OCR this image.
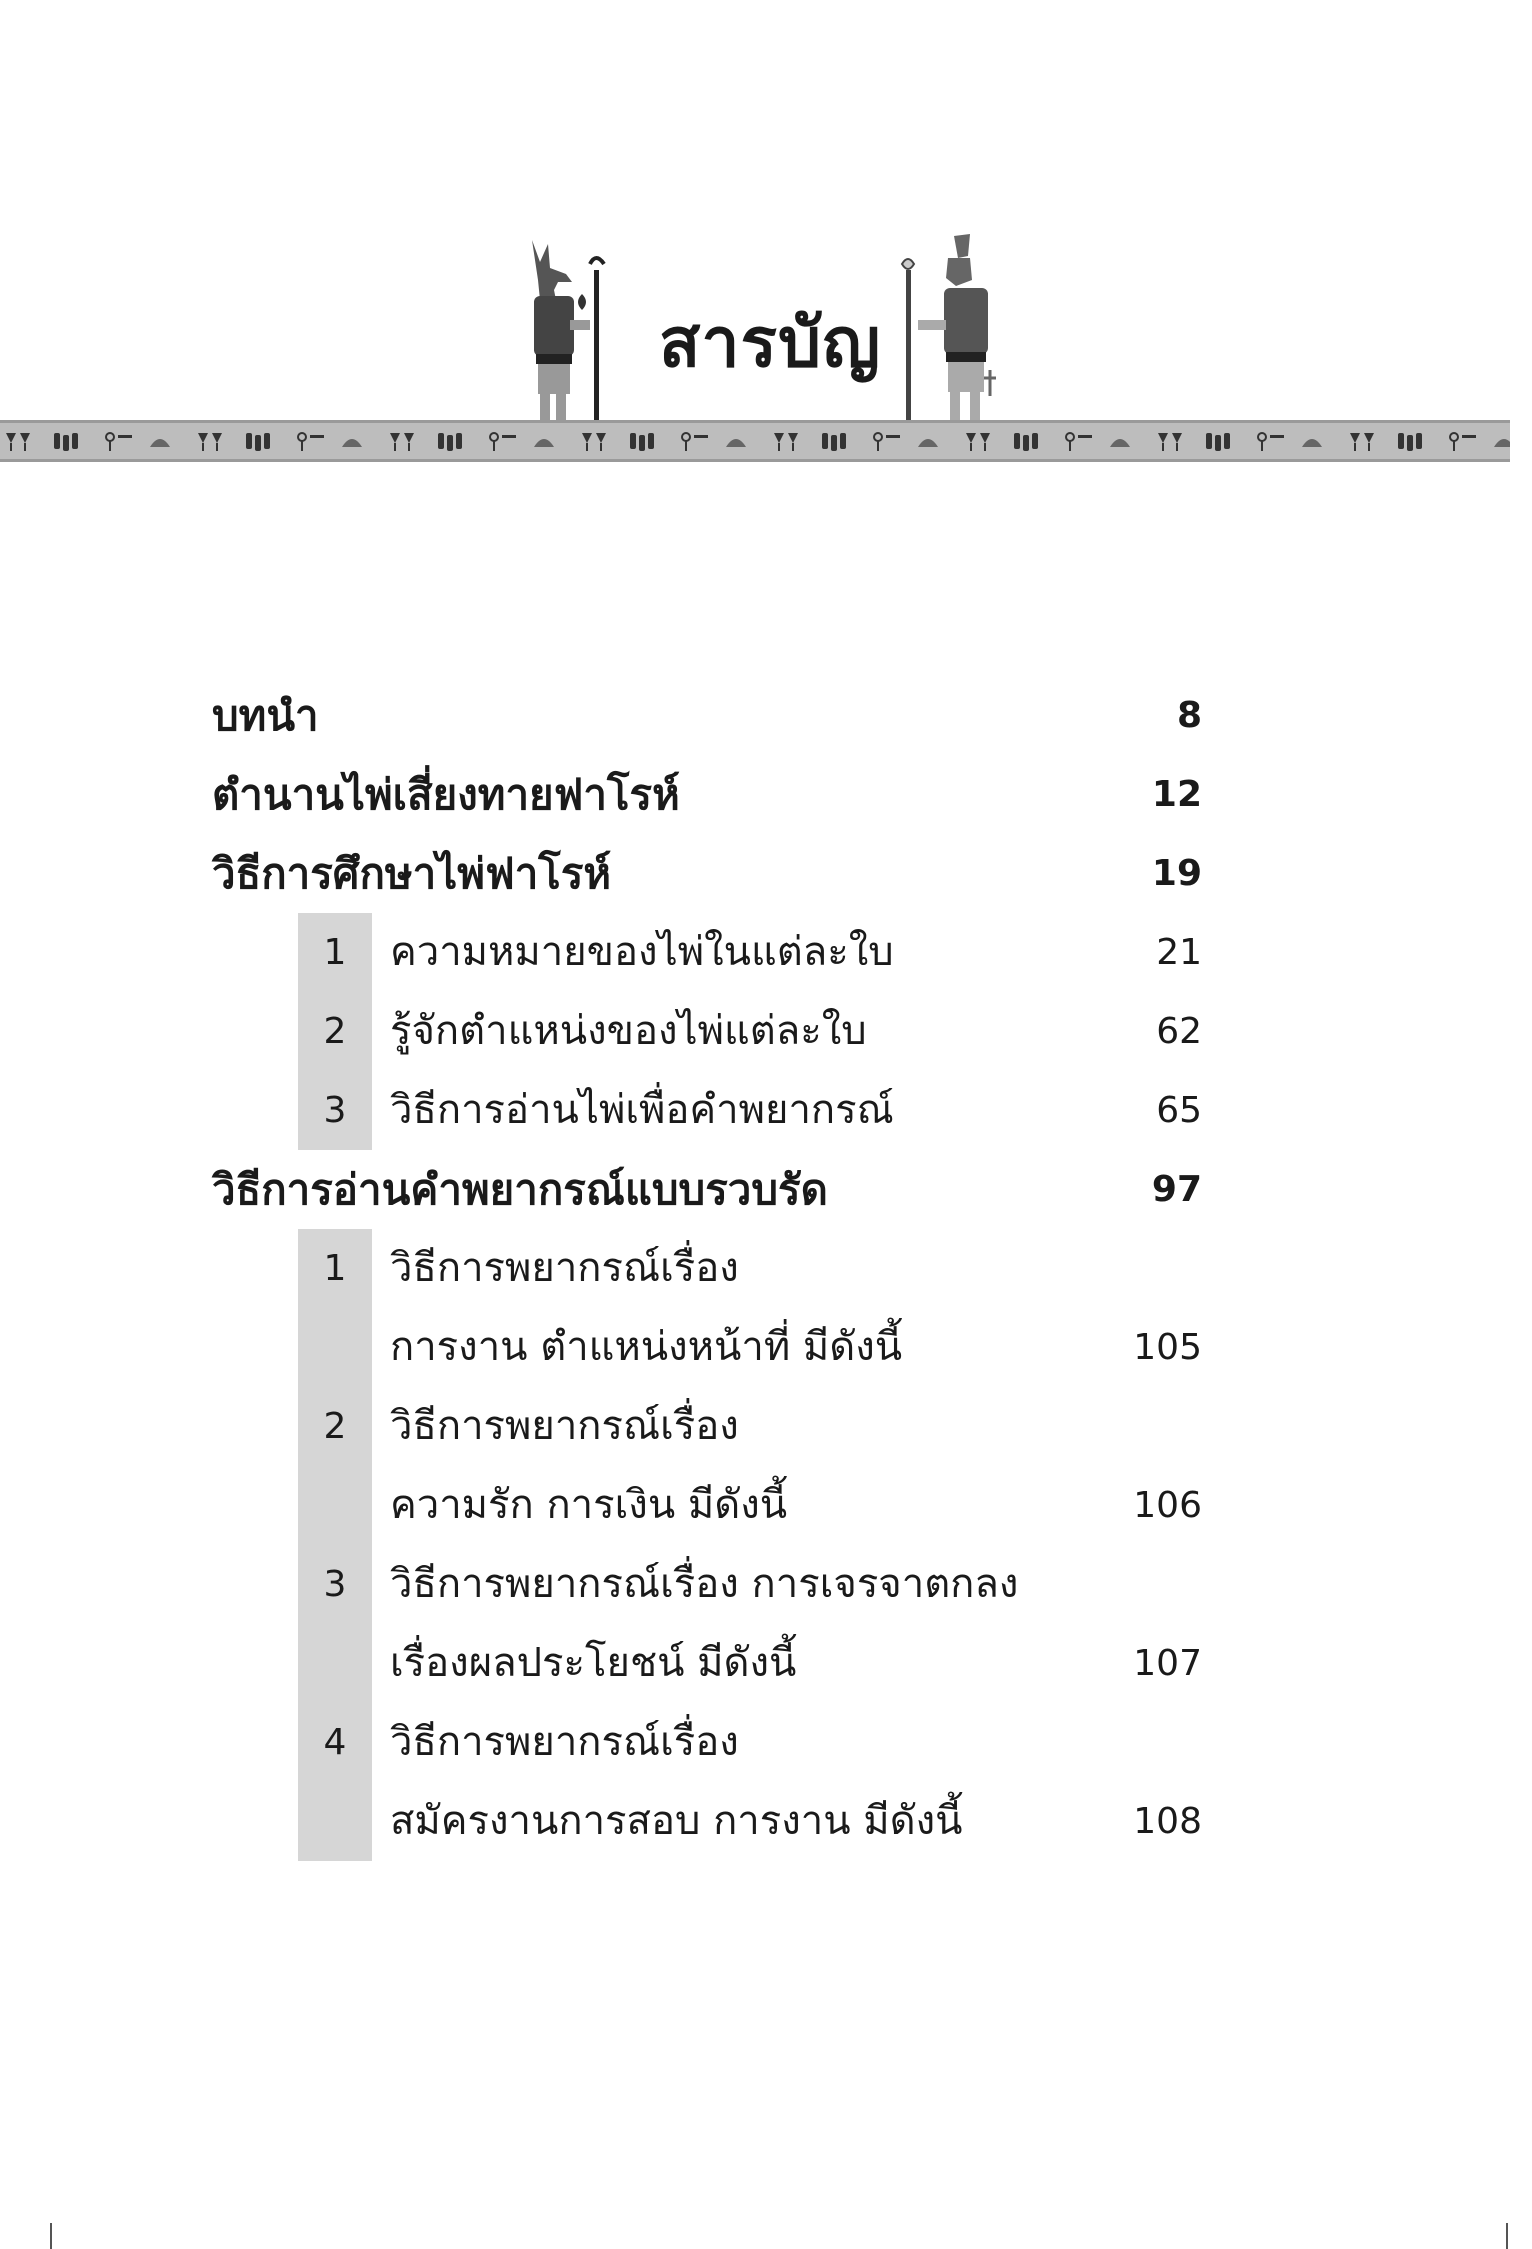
สารบัญ
บทนำ	8
ตำนานไพ่เสี่ยงทายฟาโรห์	12
วิธีการศึกษาไพ่ฟาโรห์	19
1	ความหมายของไพ่ในแต่ละใบ	21
2	รู้จักตำแหน่งของไพ่แต่ละใบ	62
3	วิธีการอ่านไพ่เพื่อคำพยากรณ์	65
วิธีการอ่านคำพยากรณ์แบบรวบรัด	97
1	วิธีการพยากรณ์เรื่อง
การงาน ตำแหน่งหน้าที่ มีดังนี้	105
2	วิธีการพยากรณ์เรื่อง
ความรัก การเงิน มีดังนี้	106
3	วิธีการพยากรณ์เรื่อง การเจรจาตกลง
เรื่องผลประโยชน์ มีดังนี้	107
4	วิธีการพยากรณ์เรื่อง
สมัครงานการสอบ การงาน มีดังนี้	108
